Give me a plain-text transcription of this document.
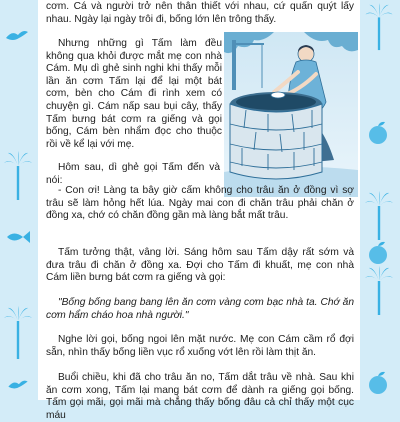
cơm. Cá và người trở nên thân thiết với nhau, cứ quấn quýt lấy nhau. Ngày lại ngày trôi đi, bống lớn lên trông thấy.

Nhưng những gì Tấm làm đều không qua khỏi được mắt mẹ con nhà Cám. Mụ dì ghẻ sinh nghi khi thấy mỗi lần ăn cơm Tấm lại để lại một bát cơm, bèn cho Cám đi rình xem có chuyện gì. Cám nấp sau bụi cây, thấy Tấm bưng bát cơm ra giếng và gọi bống, Cám bèn nhẩm đọc cho thuộc rồi về kể lại với mẹ.

Hôm sau, dì ghẻ gọi Tấm đến và nói:

- Con ơi! Làng ta bây giờ cấm không cho trâu ăn ở đồng vì sợ trâu sẽ làm hỏng hết lúa. Ngày mai con đi chăn trâu phải chăn ở đồng xa, chớ có chăn đồng gần mà làng bắt mất trâu.

Tấm tưởng thật, vâng lời. Sáng hôm sau Tấm dậy rất sớm và đưa trâu đi chăn ở đồng xa. Đợi cho Tấm đi khuất, mẹ con nhà Cám liền bưng bát cơm ra giếng và gọi:

"Bống bống bang bang lên ăn cơm vàng cơm bạc nhà ta. Chớ ăn cơm hẩm cháo hoa nhà người."

Nghe lời gọi, bống ngoi lên mặt nước. Mẹ con Cám cầm rổ đợi sẵn, nhìn thấy bống liền vục rổ xuống vớt lên rồi làm thịt ăn.

Buổi chiều, khi đã cho trâu ăn no, Tấm dắt trâu về nhà. Sau khi ăn cơm xong, Tấm lại mang bát cơm để dành ra giếng gọi bống. Tấm gọi mãi, gọi mãi mà chẳng thấy bống đâu cả chỉ thấy một cục máu
